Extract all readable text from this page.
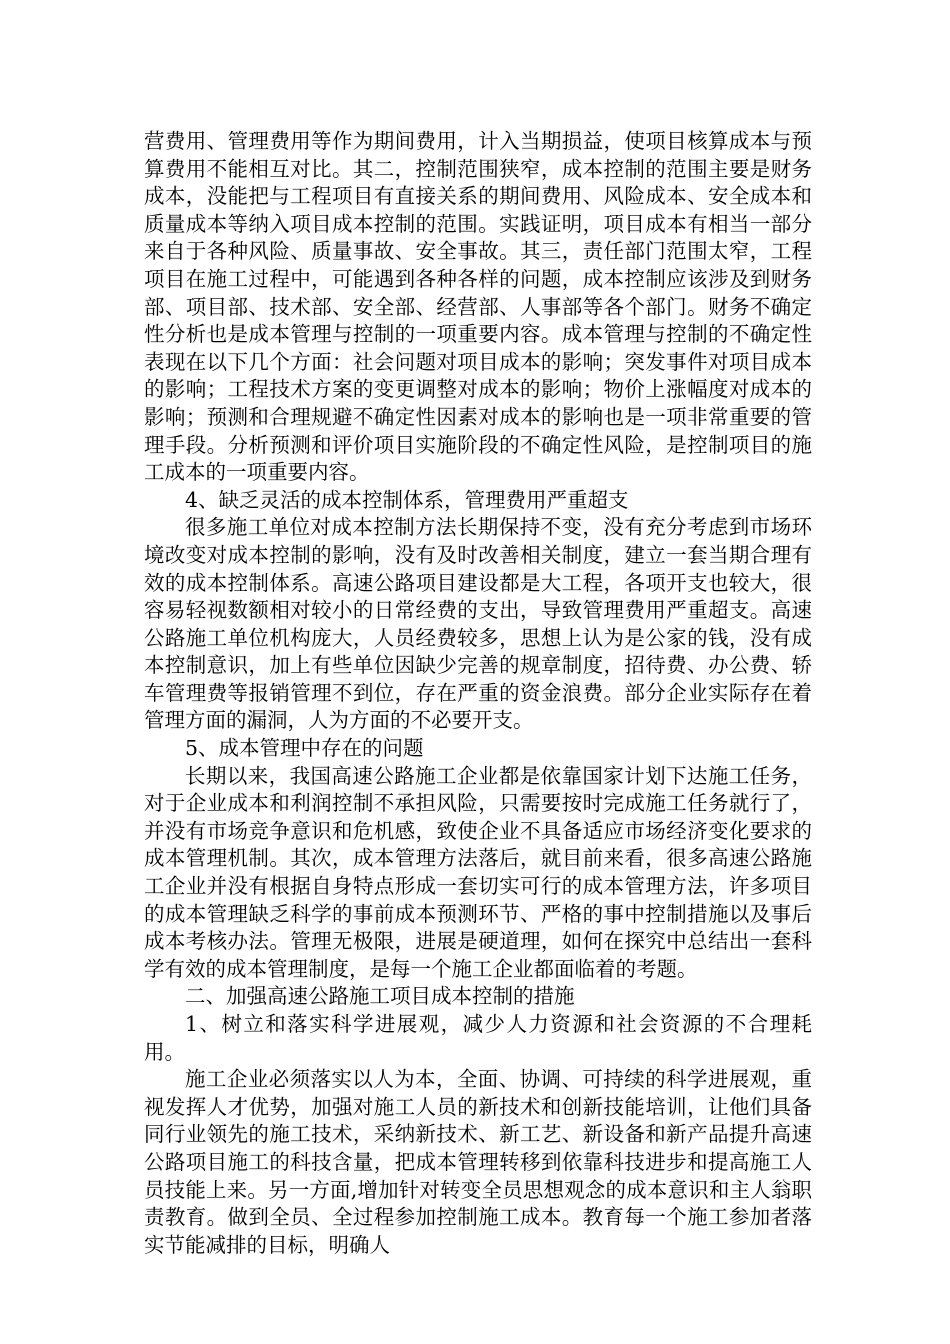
营费用、管理费用等作为期间费用，计入当期损益，使项目核算成本与预算费用不能相互对比。其二，控制范围狭窄，成本控制的范围主要是财务成本，没能把与工程项目有直接关系的期间费用、风险成本、安全成本和质量成本等纳入项目成本控制的范围。实践证明，项目成本有相当一部分来自于各种风险、质量事故、安全事故。其三，责任部门范围太窄，工程项目在施工过程中，可能遇到各种各样的问题，成本控制应该涉及到财务部、项目部、技术部、安全部、经营部、人事部等各个部门。财务不确定性分析也是成本管理与控制的一项重要内容。成本管理与控制的不确定性表现在以下几个方面：社会问题对项目成本的影响；突发事件对项目成本的影响；工程技术方案的变更调整对成本的影响；物价上涨幅度对成本的影响；预测和合理规避不确定性因素对成本的影响也是一项非常重要的管理手段。分析预测和评价项目实施阶段的不确定性风险，是控制项目的施工成本的一项重要内容。

4、缺乏灵活的成本控制体系，管理费用严重超支

很多施工单位对成本控制方法长期保持不变，没有充分考虑到市场环境改变对成本控制的影响，没有及时改善相关制度，建立一套当期合理有效的成本控制体系。高速公路项目建设都是大工程，各项开支也较大，很容易轻视数额相对较小的日常经费的支出，导致管理费用严重超支。高速公路施工单位机构庞大，人员经费较多，思想上认为是公家的钱，没有成本控制意识，加上有些单位因缺少完善的规章制度，招待费、办公费、轿车管理费等报销管理不到位，存在严重的资金浪费。部分企业实际存在着管理方面的漏洞，人为方面的不必要开支。

5、成本管理中存在的问题

长期以来，我国高速公路施工企业都是依靠国家计划下达施工任务，对于企业成本和利润控制不承担风险，只需要按时完成施工任务就行了，并没有市场竞争意识和危机感，致使企业不具备适应市场经济变化要求的成本管理机制。其次，成本管理方法落后，就目前来看，很多高速公路施工企业并没有根据自身特点形成一套切实可行的成本管理方法，许多项目的成本管理缺乏科学的事前成本预测环节、严格的事中控制措施以及事后成本考核办法。管理无极限，进展是硬道理，如何在探究中总结出一套科学有效的成本管理制度，是每一个施工企业都面临着的考题。

二、加强高速公路施工项目成本控制的措施

1、树立和落实科学进展观，减少人力资源和社会资源的不合理耗用。

施工企业必须落实以人为本，全面、协调、可持续的科学进展观，重视发挥人才优势，加强对施工人员的新技术和创新技能培训，让他们具备同行业领先的施工技术，采纳新技术、新工艺、新设备和新产品提升高速公路项目施工的科技含量，把成本管理转移到依靠科技进步和提高施工人员技能上来。另一方面,增加针对转变全员思想观念的成本意识和主人翁职责教育。做到全员、全过程参加控制施工成本。教育每一个施工参加者落实节能减排的目标，明确人
